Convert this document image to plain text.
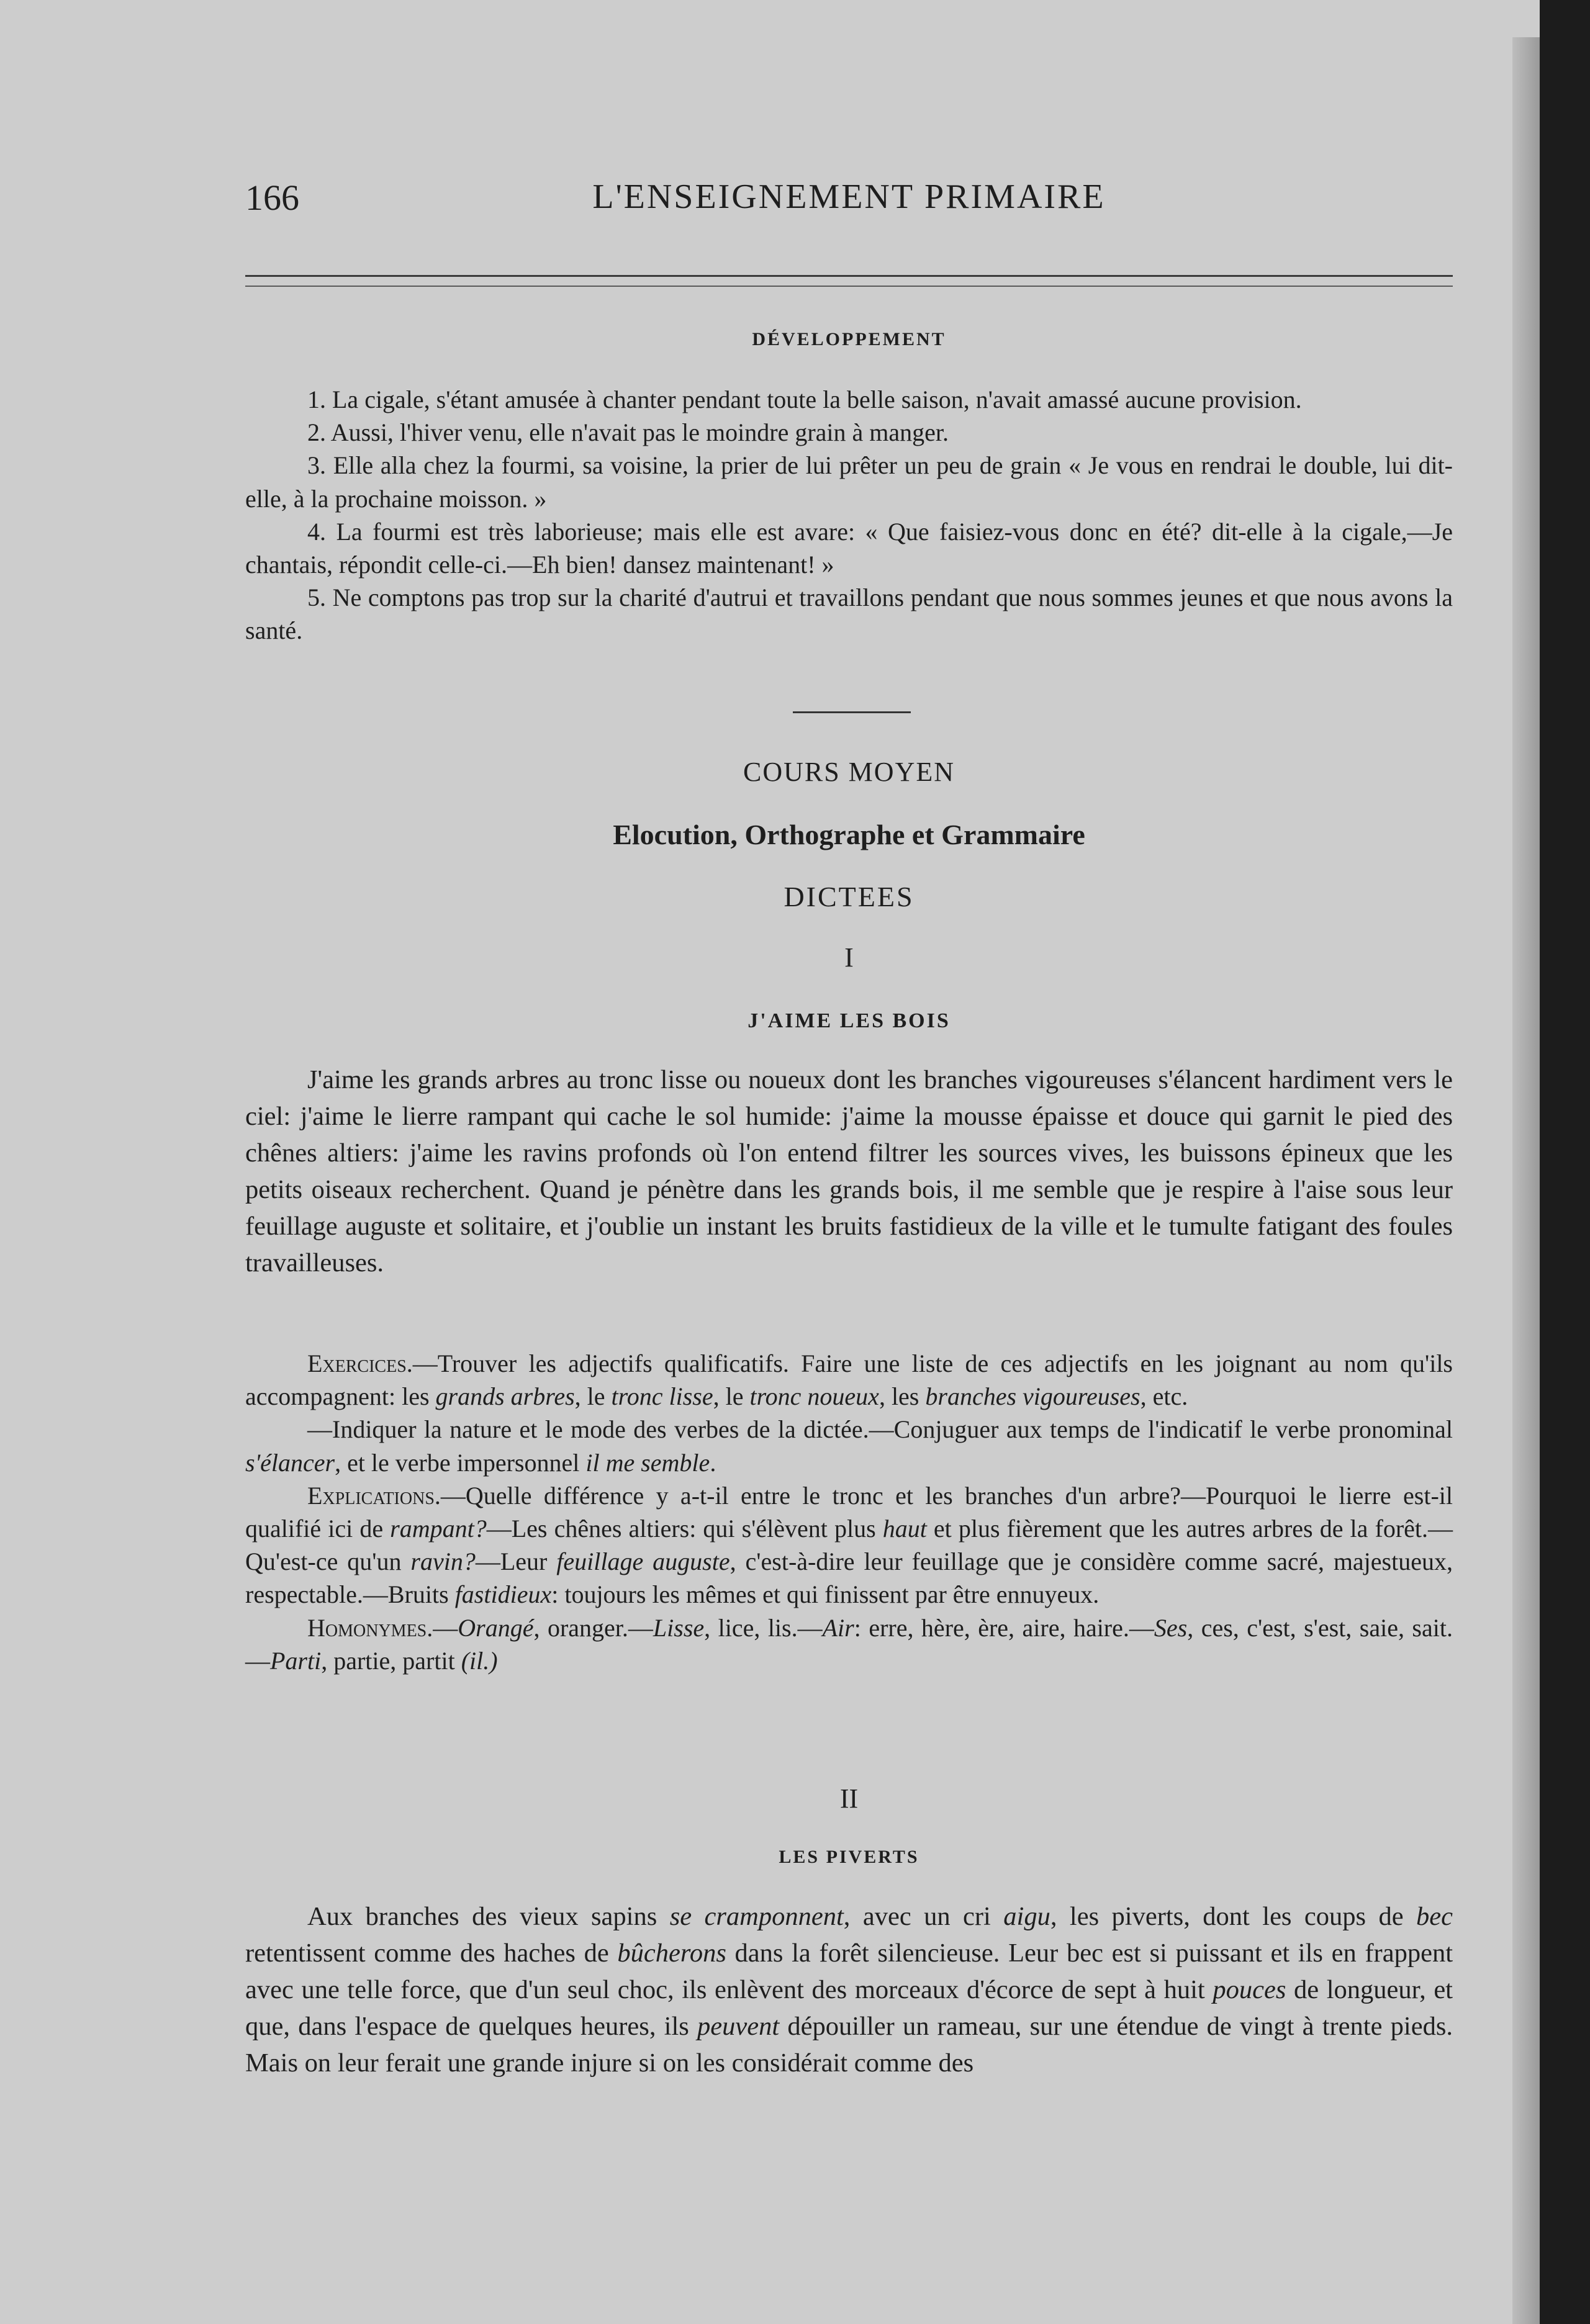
166	L'ENSEIGNEMENT PRIMAIRE
DÉVELOPPEMENT

1. La cigale, s'étant amusée à chanter pendant toute la belle saison, n'avait amassé aucune provision.

2. Aussi, l'hiver venu, elle n'avait pas le moindre grain à manger.

3. Elle alla chez la fourmi, sa voisine, la prier de lui prêter un peu de grain « Je vous en rendrai le double, lui dit-elle, à la prochaine moisson. »

4. La fourmi est très laborieuse; mais elle est avare: « Que faisiez-vous donc en été? dit-elle à la cigale,—Je chantais, répondit celle-ci.—Eh bien! dansez maintenant! »

5. Ne comptons pas trop sur la charité d'autrui et travaillons pendant que nous sommes jeunes et que nous avons la santé.

COURS MOYEN
Elocution, Orthographe et Grammaire
DICTEES
I
J'AIME LES BOIS

J'aime les grands arbres au tronc lisse ou noueux dont les branches vigoureuses s'élancent hardiment vers le ciel: j'aime le lierre rampant qui cache le sol humide: j'aime la mousse épaisse et douce qui garnit le pied des chênes altiers: j'aime les ravins profonds où l'on entend filtrer les sources vives, les buissons épineux que les petits oiseaux recherchent. Quand je pénètre dans les grands bois, il me semble que je respire à l'aise sous leur feuillage auguste et solitaire, et j'oublie un instant les bruits fastidieux de la ville et le tumulte fatigant des foules travailleuses.

Exercices.—Trouver les adjectifs qualificatifs. Faire une liste de ces adjectifs en les joignant au nom qu'ils accompagnent: les grands arbres, le tronc lisse, le tronc noueux, les branches vigoureuses, etc.

—Indiquer la nature et le mode des verbes de la dictée.—Conjuguer aux temps de l'indicatif le verbe pronominal s'élancer, et le verbe impersonnel il me semble.

Explications.—Quelle différence y a-t-il entre le tronc et les branches d'un arbre?—Pourquoi le lierre est-il qualifié ici de rampant?—Les chênes altiers: qui s'élèvent plus haut et plus fièrement que les autres arbres de la forêt.—Qu'est-ce qu'un ravin?—Leur feuillage auguste, c'est-à-dire leur feuillage que je considère comme sacré, majestueux, respectable.—Bruits fastidieux: toujours les mêmes et qui finissent par être ennuyeux.

Homonymes.—Orangé, oranger.—Lisse, lice, lis.—Air: erre, hère, ère, aire, haire.—Ses, ces, c'est, s'est, saie, sait.—Parti, partie, partit (il.)

II
LES PIVERTS

Aux branches des vieux sapins se cramponnent, avec un cri aigu, les piverts, dont les coups de bec retentissent comme des haches de bûcherons dans la forêt silencieuse. Leur bec est si puissant et ils en frappent avec une telle force, que d'un seul choc, ils enlèvent des morceaux d'écorce de sept à huit pouces de longueur, et que, dans l'espace de quelques heures, ils peuvent dépouiller un rameau, sur une étendue de vingt à trente pieds. Mais on leur ferait une grande injure si on les considérait comme des
